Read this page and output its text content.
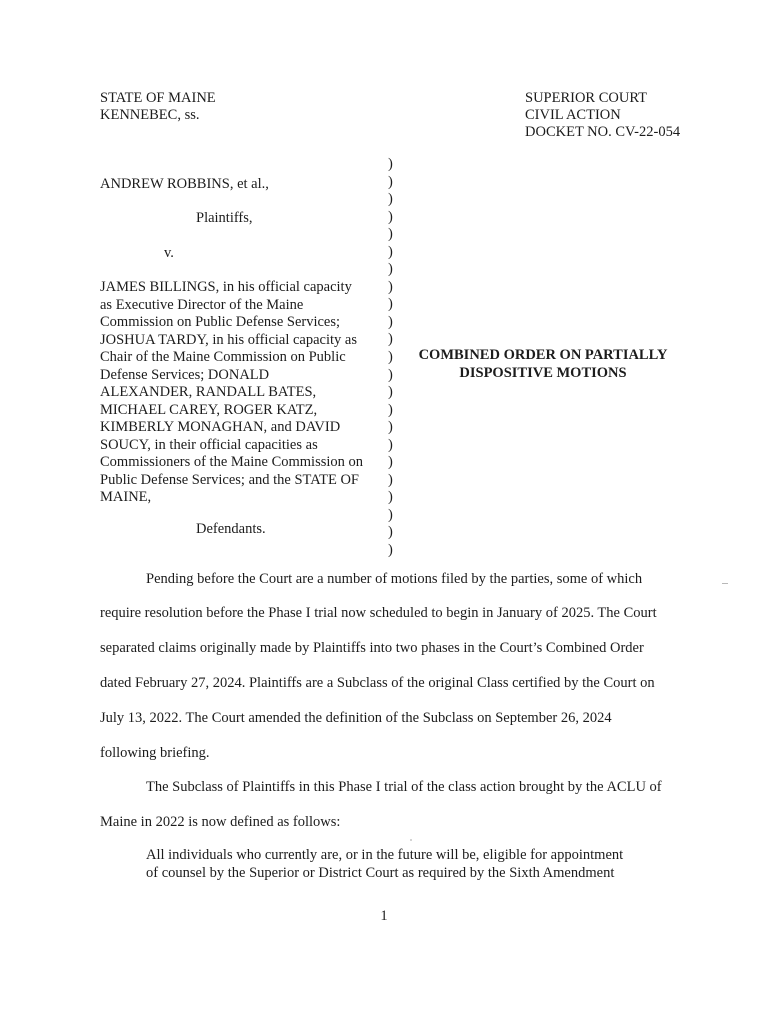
STATE OF MAINE
KENNEBEC, ss.
SUPERIOR COURT
CIVIL ACTION
DOCKET NO. CV-22-054
ANDREW ROBBINS, et al.,
Plaintiffs,
v.
JAMES BILLINGS, in his official capacity
as Executive Director of the Maine
Commission on Public Defense Services;
JOSHUA TARDY, in his official capacity as
Chair of the Maine Commission on Public
Defense Services; DONALD
ALEXANDER, RANDALL BATES,
MICHAEL CAREY, ROGER KATZ,
KIMBERLY MONAGHAN, and DAVID
SOUCY, in their official capacities as
Commissioners of the Maine Commission on
Public Defense Services; and the STATE OF
MAINE,
Defendants.
)
)
)
)
)
)
)
)
)
)
)
)
)
)
)
)
)
)
)
)
)
)
)
COMBINED ORDER ON PARTIALLY
DISPOSITIVE MOTIONS
Pending before the Court are a number of motions filed by the parties, some of which
require resolution before the Phase I trial now scheduled to begin in January of 2025. The Court
separated claims originally made by Plaintiffs into two phases in the Court’s Combined Order
dated February 27, 2024. Plaintiffs are a Subclass of the original Class certified by the Court on
July 13, 2022. The Court amended the definition of the Subclass on September 26, 2024
following briefing.
The Subclass of Plaintiffs in this Phase I trial of the class action brought by the ACLU of
Maine in 2022 is now defined as follows:
All individuals who currently are, or in the future will be, eligible for appointment
of counsel by the Superior or District Court as required by the Sixth Amendment
1
